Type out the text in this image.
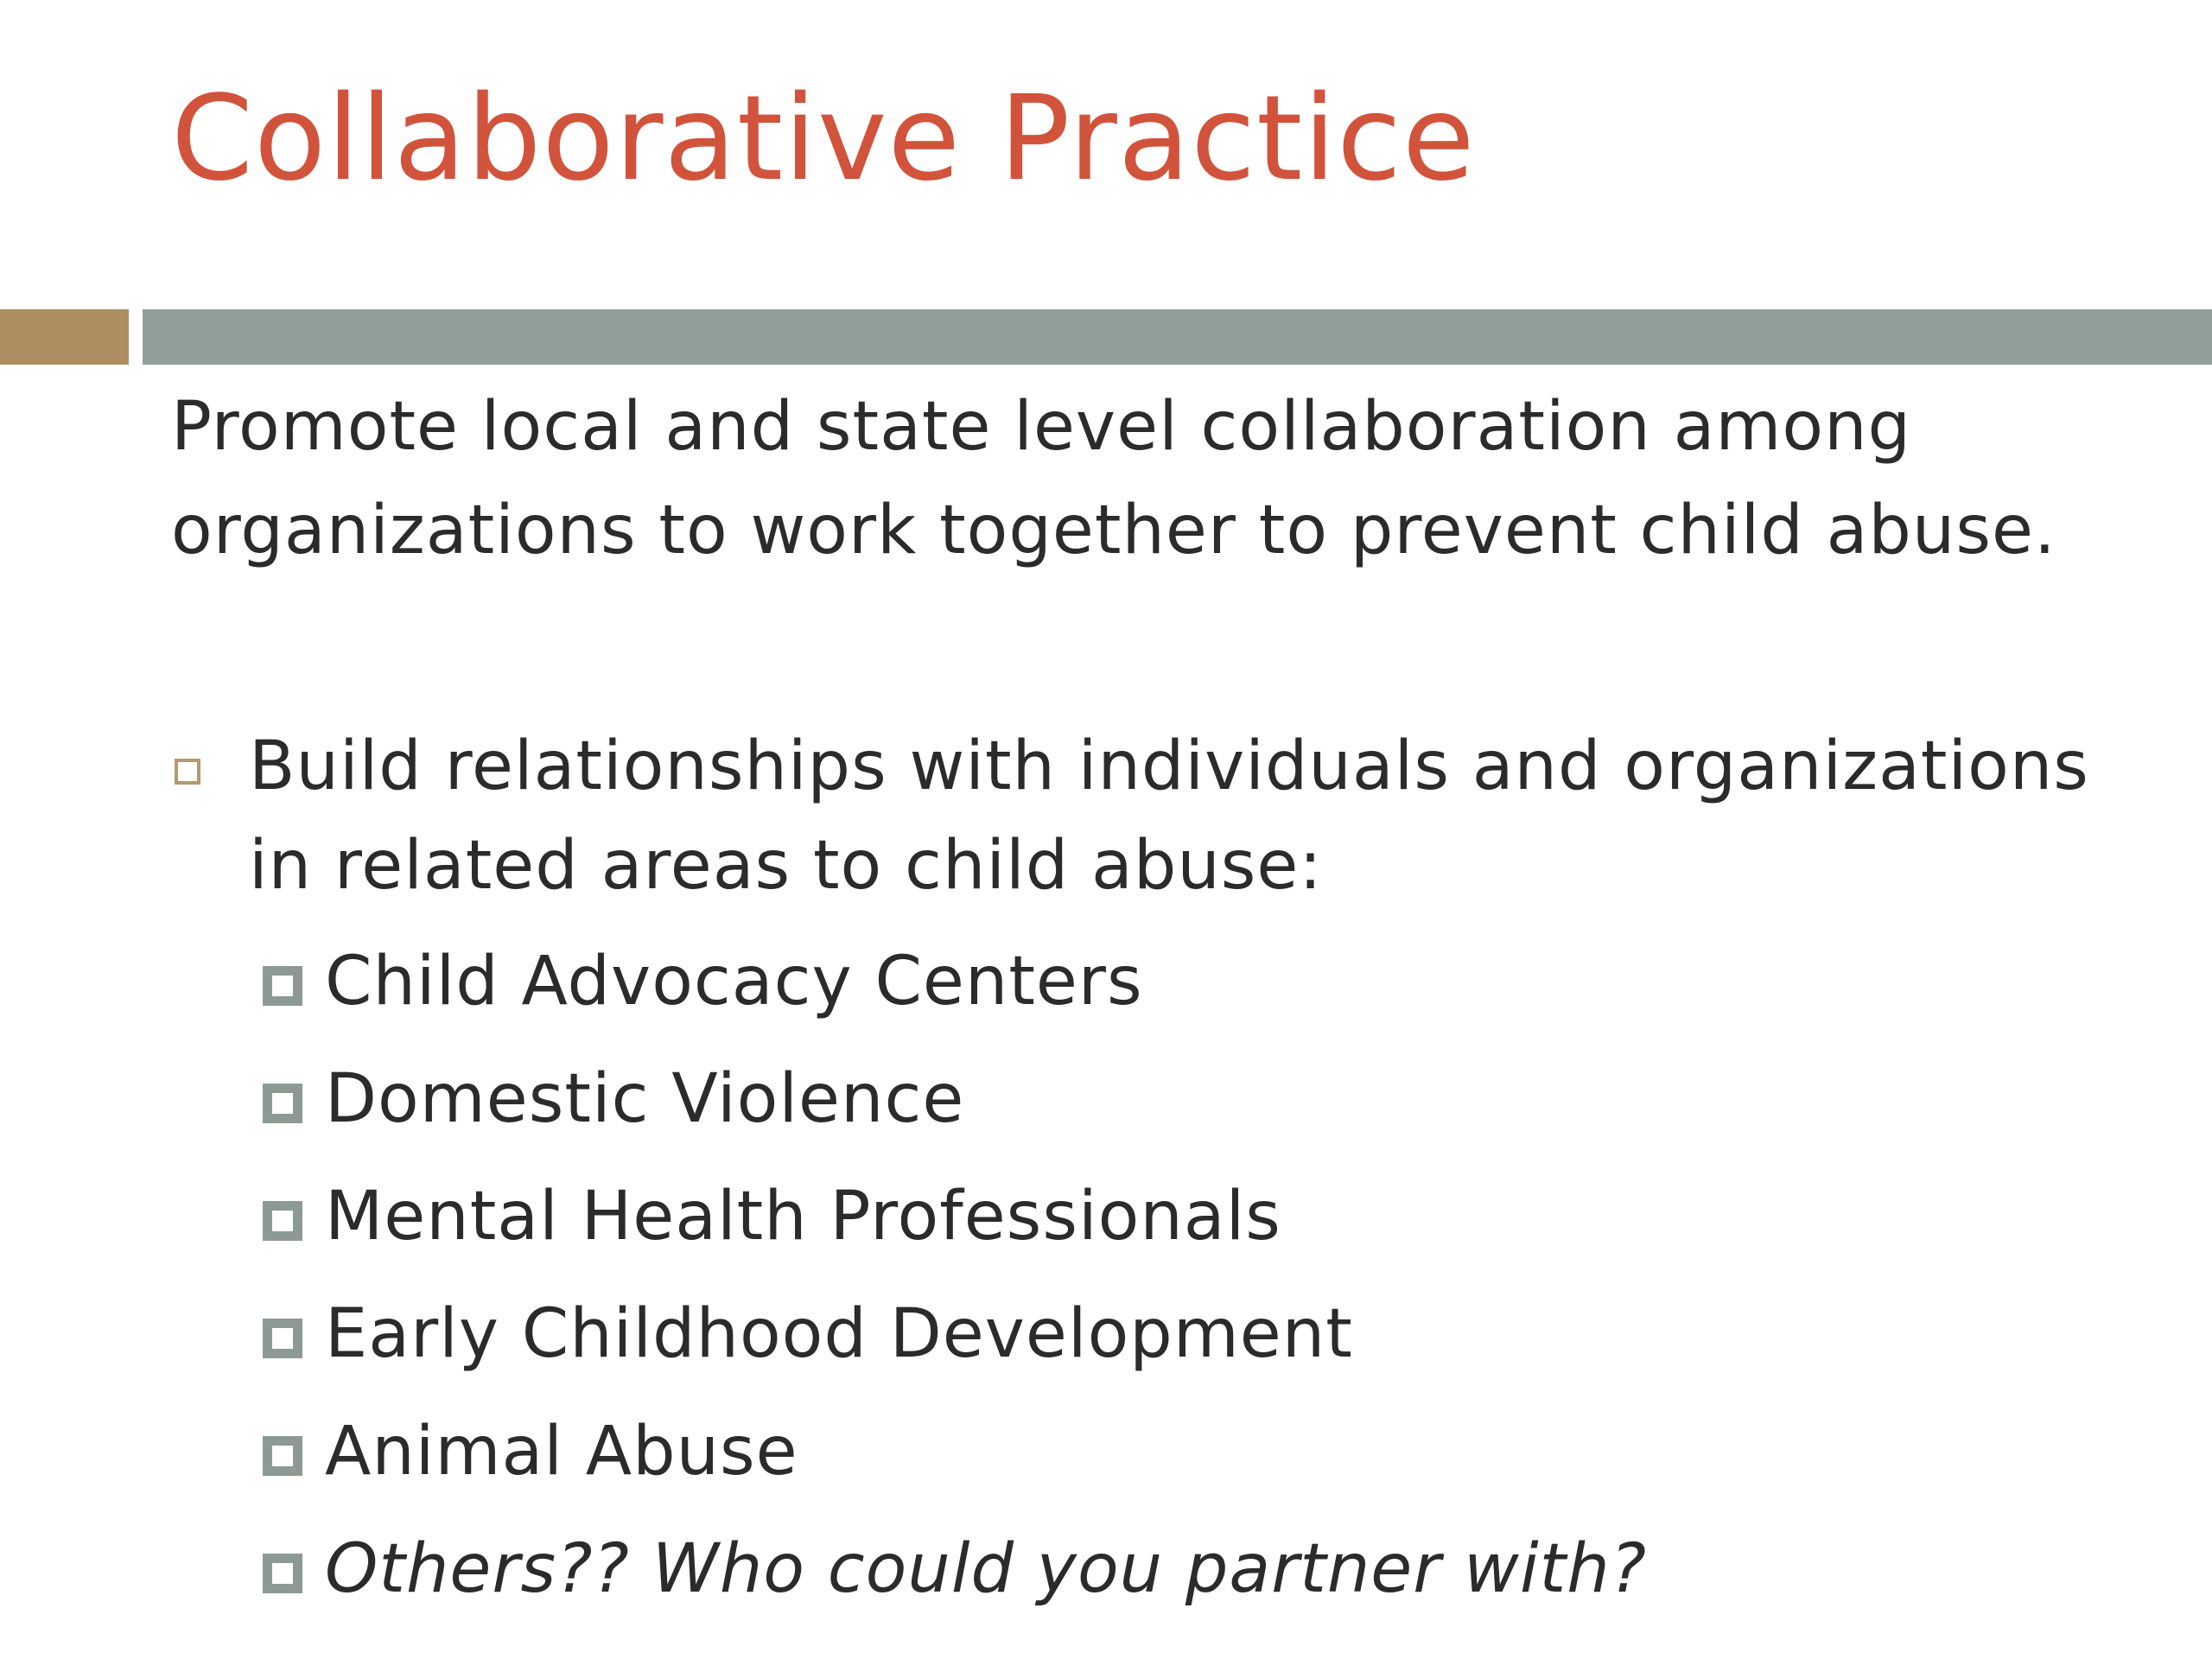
Collaborative Practice

Promote local and state level collaboration among organizations to work together to prevent child abuse.

Build relationships with individuals and organizations in related areas to child abuse:
Child Advocacy Centers
Domestic Violence
Mental Health Professionals
Early Childhood Development
Animal Abuse
Others?? Who could you partner with?
